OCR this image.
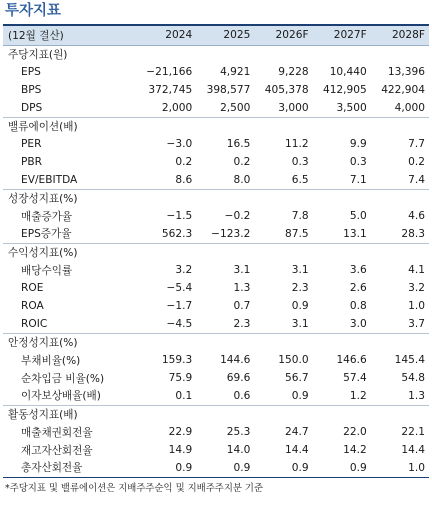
투자지표
(12월 결산)	2024	2025	2026F	2027F	2028F
주당지표(원)					
EPS	−21,166	4,921	9,228	10,440	13,396
BPS	372,745	398,577	405,378	412,905	422,904
DPS	2,000	2,500	3,000	3,500	4,000
밸류에이션(배)					
PER	−3.0	16.5	11.2	9.9	7.7
PBR	0.2	0.2	0.3	0.3	0.2
EV/EBITDA	8.6	8.0	6.5	7.1	7.4
성장성지표(%)					
매출증가율	−1.5	−0.2	7.8	5.0	4.6
EPS증가율	562.3	−123.2	87.5	13.1	28.3
수익성지표(%)					
배당수익률	3.2	3.1	3.1	3.6	4.1
ROE	−5.4	1.3	2.3	2.6	3.2
ROA	−1.7	0.7	0.9	0.8	1.0
ROIC	−4.5	2.3	3.1	3.0	3.7
안정성지표(%)					
부채비율(%)	159.3	144.6	150.0	146.6	145.4
순차입금 비율(%)	75.9	69.6	56.7	57.4	54.8
이자보상배율(배)	0.1	0.6	0.9	1.2	1.3
활동성지표(배)					
매출채권회전율	22.9	25.3	24.7	22.0	22.1
재고자산회전율	14.9	14.0	14.4	14.2	14.4
총자산회전율	0.9	0.9	0.9	0.9	1.0
*주당지표 및 밸류에이션은 지배주주순익 및 지배주주지분 기준
